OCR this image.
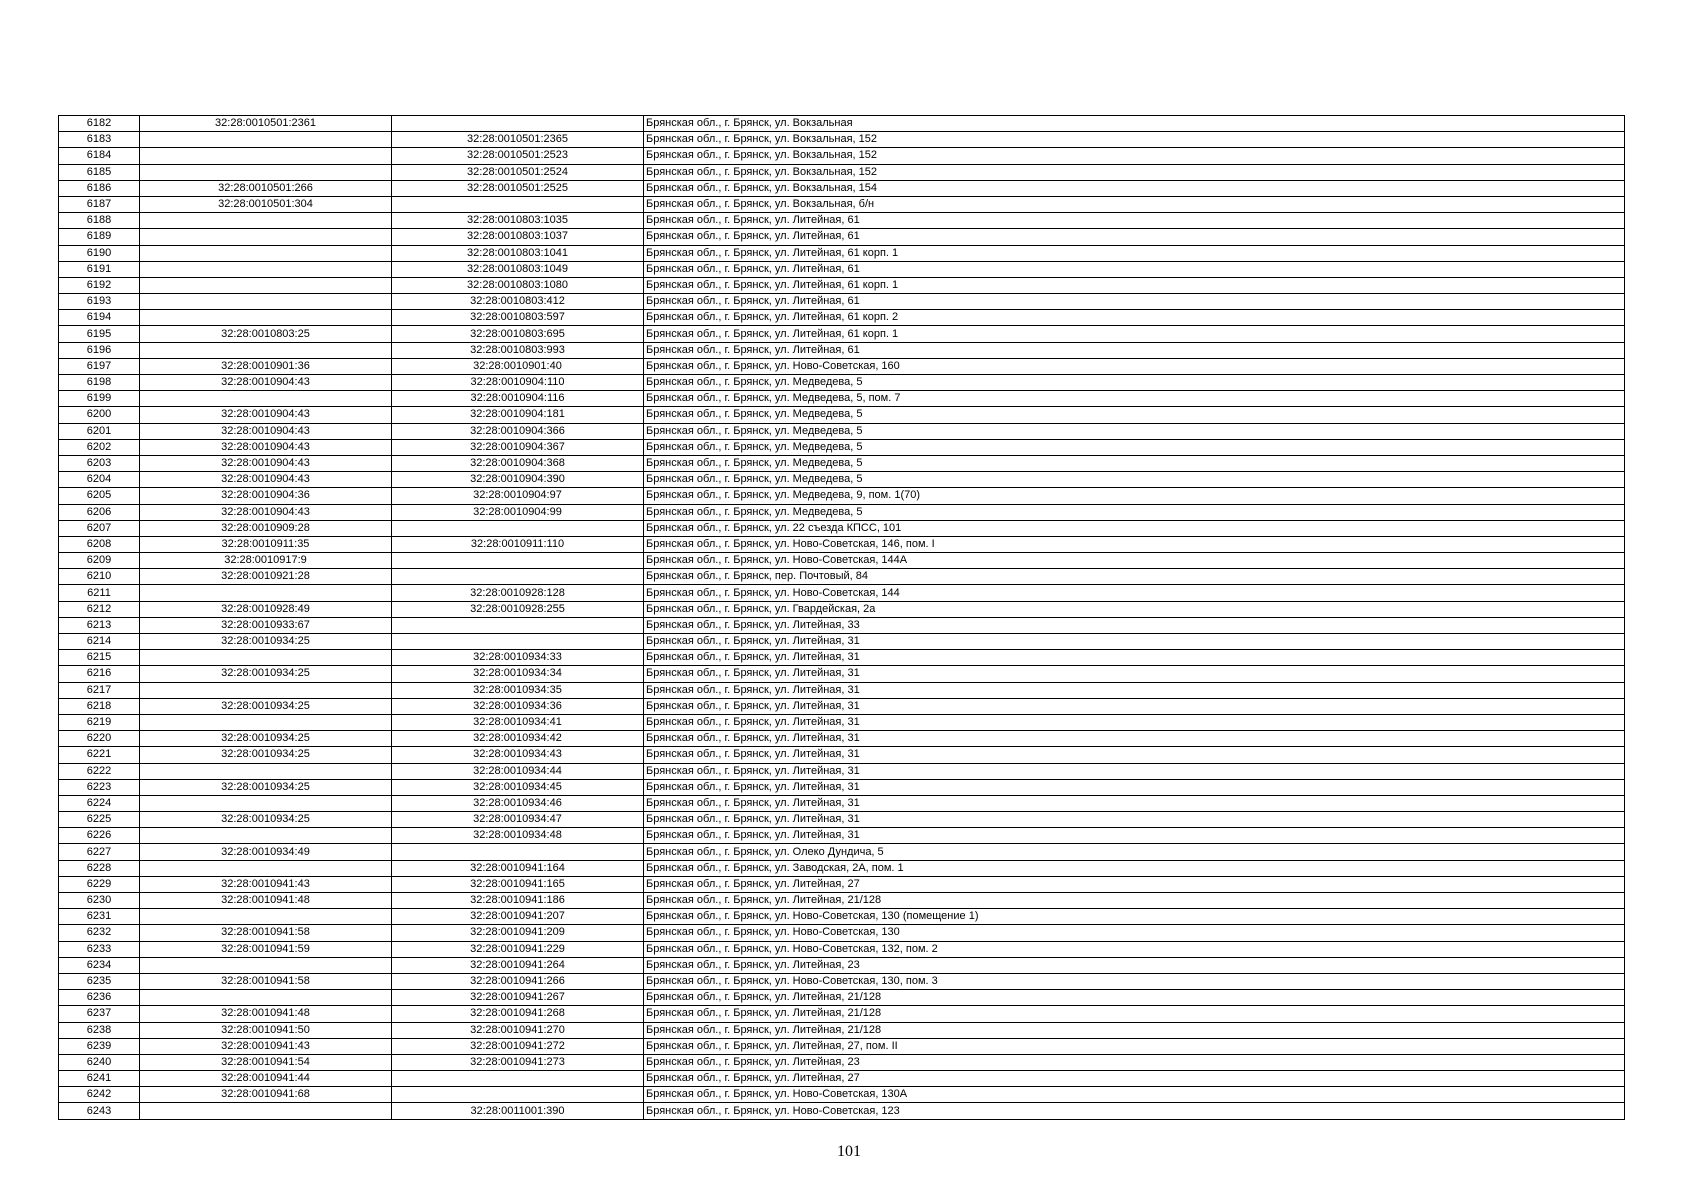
6182	32:28:0010501:2361		Брянская обл., г. Брянск, ул. Вокзальная
6183		32:28:0010501:2365	Брянская обл., г. Брянск, ул. Вокзальная, 152
6184		32:28:0010501:2523	Брянская обл., г. Брянск, ул. Вокзальная, 152
6185		32:28:0010501:2524	Брянская обл., г. Брянск, ул. Вокзальная, 152
6186	32:28:0010501:266	32:28:0010501:2525	Брянская обл., г. Брянск, ул. Вокзальная, 154
6187	32:28:0010501:304		Брянская обл., г. Брянск, ул. Вокзальная, б/н
6188		32:28:0010803:1035	Брянская обл., г. Брянск, ул. Литейная, 61
6189		32:28:0010803:1037	Брянская обл., г. Брянск, ул. Литейная, 61
6190		32:28:0010803:1041	Брянская обл., г. Брянск, ул. Литейная, 61 корп. 1
6191		32:28:0010803:1049	Брянская обл., г. Брянск, ул. Литейная, 61
6192		32:28:0010803:1080	Брянская обл., г. Брянск, ул. Литейная, 61 корп. 1
6193		32:28:0010803:412	Брянская обл., г. Брянск, ул. Литейная, 61
6194		32:28:0010803:597	Брянская обл., г. Брянск, ул. Литейная, 61 корп. 2
6195	32:28:0010803:25	32:28:0010803:695	Брянская обл., г. Брянск, ул. Литейная, 61 корп. 1
6196		32:28:0010803:993	Брянская обл., г. Брянск, ул. Литейная, 61
6197	32:28:0010901:36	32:28:0010901:40	Брянская обл., г. Брянск, ул. Ново-Советская, 160
6198	32:28:0010904:43	32:28:0010904:110	Брянская обл., г. Брянск, ул. Медведева, 5
6199		32:28:0010904:116	Брянская обл., г. Брянск, ул. Медведева, 5, пом. 7
6200	32:28:0010904:43	32:28:0010904:181	Брянская обл., г. Брянск, ул. Медведева, 5
6201	32:28:0010904:43	32:28:0010904:366	Брянская обл., г. Брянск, ул. Медведева, 5
6202	32:28:0010904:43	32:28:0010904:367	Брянская обл., г. Брянск, ул. Медведева, 5
6203	32:28:0010904:43	32:28:0010904:368	Брянская обл., г. Брянск, ул. Медведева, 5
6204	32:28:0010904:43	32:28:0010904:390	Брянская обл., г. Брянск, ул. Медведева, 5
6205	32:28:0010904:36	32:28:0010904:97	Брянская обл., г. Брянск, ул. Медведева, 9, пом. 1(70)
6206	32:28:0010904:43	32:28:0010904:99	Брянская обл., г. Брянск, ул. Медведева, 5
6207	32:28:0010909:28		Брянская обл., г. Брянск, ул. 22 съезда КПСС, 101
6208	32:28:0010911:35	32:28:0010911:110	Брянская обл., г. Брянск, ул. Ново-Советская, 146, пом. I
6209	32:28:0010917:9		Брянская обл., г. Брянск, ул. Ново-Советская, 144А
6210	32:28:0010921:28		Брянская обл., г. Брянск, пер. Почтовый, 84
6211		32:28:0010928:128	Брянская обл., г. Брянск, ул. Ново-Советская, 144
6212	32:28:0010928:49	32:28:0010928:255	Брянская обл., г. Брянск, ул. Гвардейская, 2а
6213	32:28:0010933:67		Брянская обл., г. Брянск, ул. Литейная, 33
6214	32:28:0010934:25		Брянская обл., г. Брянск, ул. Литейная, 31
6215		32:28:0010934:33	Брянская обл., г. Брянск, ул. Литейная, 31
6216	32:28:0010934:25	32:28:0010934:34	Брянская обл., г. Брянск, ул. Литейная, 31
6217		32:28:0010934:35	Брянская обл., г. Брянск, ул. Литейная, 31
6218	32:28:0010934:25	32:28:0010934:36	Брянская обл., г. Брянск, ул. Литейная, 31
6219		32:28:0010934:41	Брянская обл., г. Брянск, ул. Литейная, 31
6220	32:28:0010934:25	32:28:0010934:42	Брянская обл., г. Брянск, ул. Литейная, 31
6221	32:28:0010934:25	32:28:0010934:43	Брянская обл., г. Брянск, ул. Литейная, 31
6222		32:28:0010934:44	Брянская обл., г. Брянск, ул. Литейная, 31
6223	32:28:0010934:25	32:28:0010934:45	Брянская обл., г. Брянск, ул. Литейная, 31
6224		32:28:0010934:46	Брянская обл., г. Брянск, ул. Литейная, 31
6225	32:28:0010934:25	32:28:0010934:47	Брянская обл., г. Брянск, ул. Литейная, 31
6226		32:28:0010934:48	Брянская обл., г. Брянск, ул. Литейная, 31
6227	32:28:0010934:49		Брянская обл., г. Брянск, ул. Олеко Дундича, 5
6228		32:28:0010941:164	Брянская обл., г. Брянск, ул. Заводская, 2А, пом. 1
6229	32:28:0010941:43	32:28:0010941:165	Брянская обл., г. Брянск, ул. Литейная, 27
6230	32:28:0010941:48	32:28:0010941:186	Брянская обл., г. Брянск, ул. Литейная, 21/128
6231		32:28:0010941:207	Брянская обл., г. Брянск, ул. Ново-Советская, 130 (помещение 1)
6232	32:28:0010941:58	32:28:0010941:209	Брянская обл., г. Брянск, ул. Ново-Советская, 130
6233	32:28:0010941:59	32:28:0010941:229	Брянская обл., г. Брянск, ул. Ново-Советская, 132, пом. 2
6234		32:28:0010941:264	Брянская обл., г. Брянск, ул. Литейная, 23
6235	32:28:0010941:58	32:28:0010941:266	Брянская обл., г. Брянск, ул. Ново-Советская, 130, пом. 3
6236		32:28:0010941:267	Брянская обл., г. Брянск, ул. Литейная, 21/128
6237	32:28:0010941:48	32:28:0010941:268	Брянская обл., г. Брянск, ул. Литейная, 21/128
6238	32:28:0010941:50	32:28:0010941:270	Брянская обл., г. Брянск, ул. Литейная, 21/128
6239	32:28:0010941:43	32:28:0010941:272	Брянская обл., г. Брянск, ул. Литейная, 27, пом. II
6240	32:28:0010941:54	32:28:0010941:273	Брянская обл., г. Брянск, ул. Литейная, 23
6241	32:28:0010941:44		Брянская обл., г. Брянск, ул. Литейная, 27
6242	32:28:0010941:68		Брянская обл., г. Брянск, ул. Ново-Советская, 130А
6243		32:28:0011001:390	Брянская обл., г. Брянск, ул. Ново-Советская, 123
101
